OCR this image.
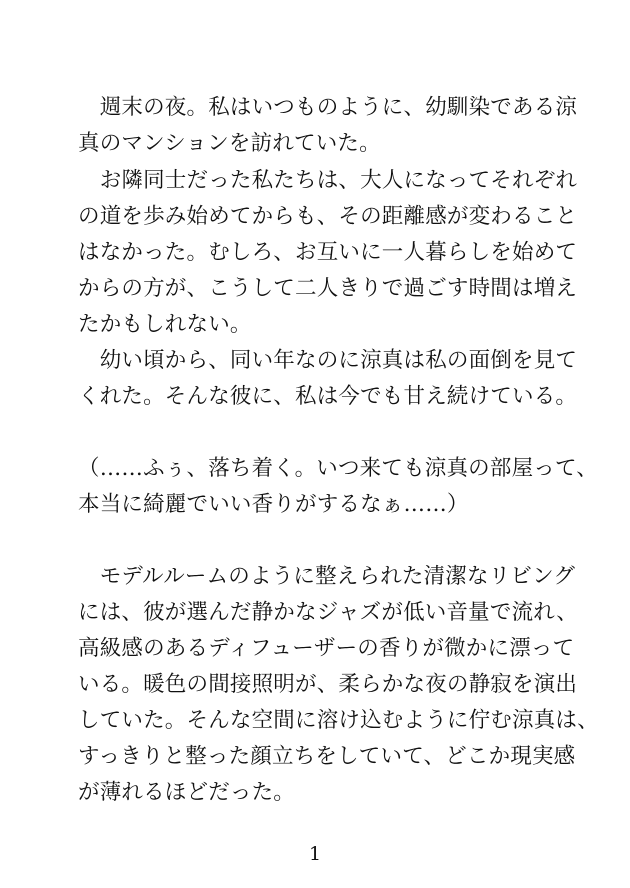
　週末の夜。私はいつものように、幼馴染である涼
真のマンションを訪れていた。
　お隣同士だった私たちは、大人になってそれぞれ
の道を歩み始めてからも、その距離感が変わること
はなかった。むしろ、お互いに一人暮らしを始めて
からの方が、こうして二人きりで過ごす時間は増え
たかもしれない。
　幼い頃から、同い年なのに涼真は私の面倒を見て
くれた。そんな彼に、私は今でも甘え続けている。
（……ふぅ、落ち着く。いつ来ても涼真の部屋って、
本当に綺麗でいい香りがするなぁ……）
　モデルルームのように整えられた清潔なリビング
には、彼が選んだ静かなジャズが低い音量で流れ、
高級感のあるディフューザーの香りが微かに漂って
いる。暖色の間接照明が、柔らかな夜の静寂を演出
していた。そんな空間に溶け込むように佇む涼真は、
すっきりと整った顔立ちをしていて、どこか現実感
が薄れるほどだった。
1
